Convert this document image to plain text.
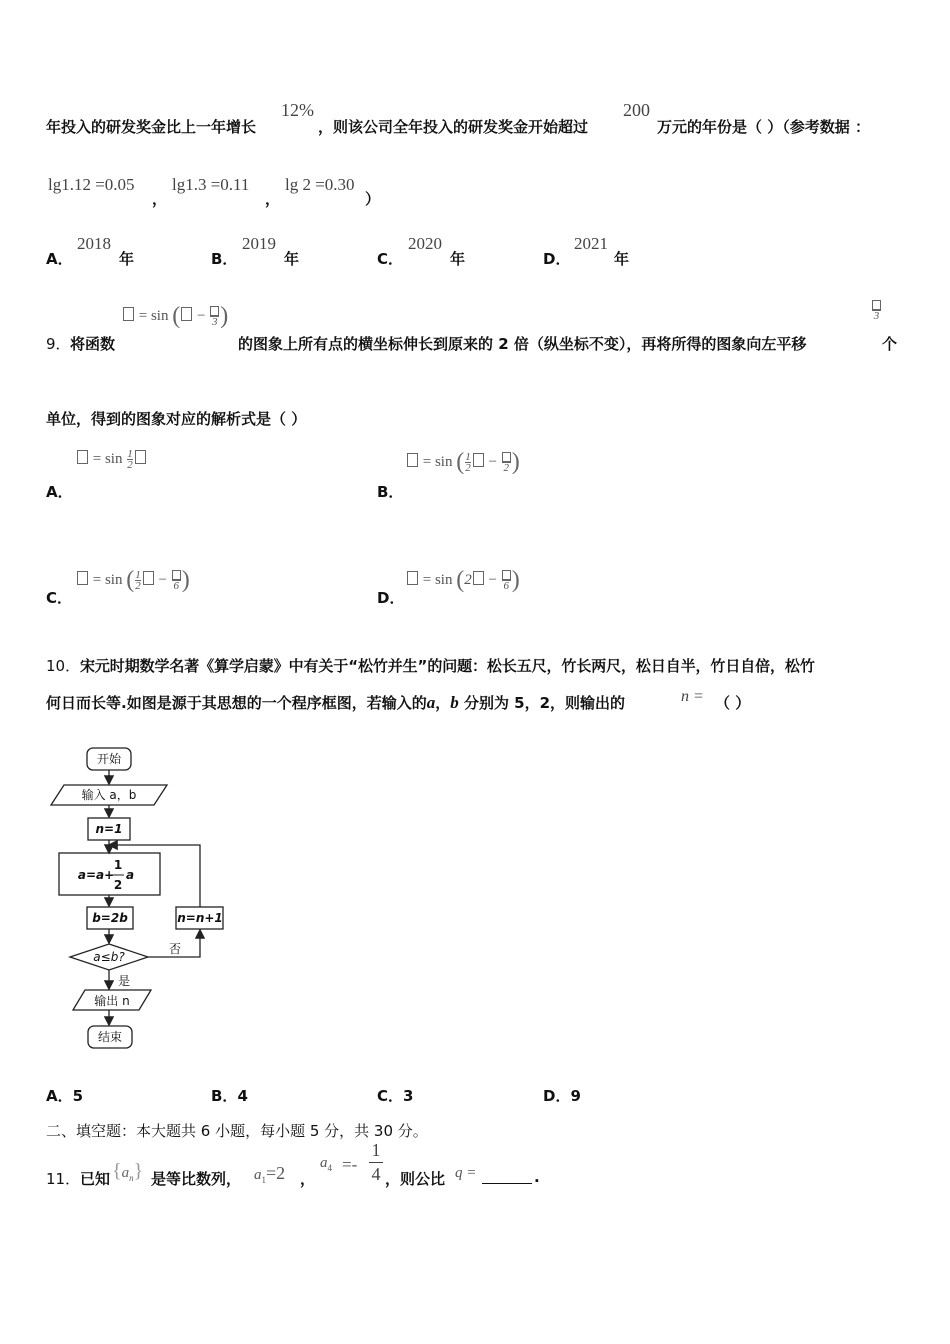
年投入的研发奖金比上一年增长
12%
，则该公司全年投入的研发奖金开始超过
200
万元的年份是（ ）（参考数据 ：
lg1.12 =0.05
，
lg1.3 =0.11
，
lg 2 =0.30
）
A．
2018
年	B．
2019
年	C．
2020
年	D．
2021
年
= sin ( − 3 )
9． 将函数	的图象上所有点的横坐标伸长到原来的 2 倍（纵坐标不变），再将所得的图象向左平移
3
个
单位，得到的图象对应的解析式是（ ）
= $\sin \frac{1}{2}$
A．
= sin ( $\frac{1}{2} - 2$ )
B．
= sin ( $\frac{1}{2} - 6$ )
C．
= sin (2 − 6 )
D．
10． 宋元时期数学名著《算学启蒙》中有关于“松竹并生”的问题：松长五尺，竹长两尺，松日自半，竹日自倍，松竹
何日而长等.如图是源于其思想的一个程序框图，若输入的a，b 分别为 5，2，则输出的	n = （ ）
开始
输入 a，b
n=1
a=a+
1
2
a
b=2b	n=n+1
a≤b?
否
是
输出 n
结束
A．5	B．4	C．3	D．9
二、填空题：本大题共 6 小题，每小题 5 分，共 30 分。
11． 已知 $\{a_n\}$ 是等比数列， $a_1=2$ ，
$a_4$ =-
1
4 ，则公比 q =	.
